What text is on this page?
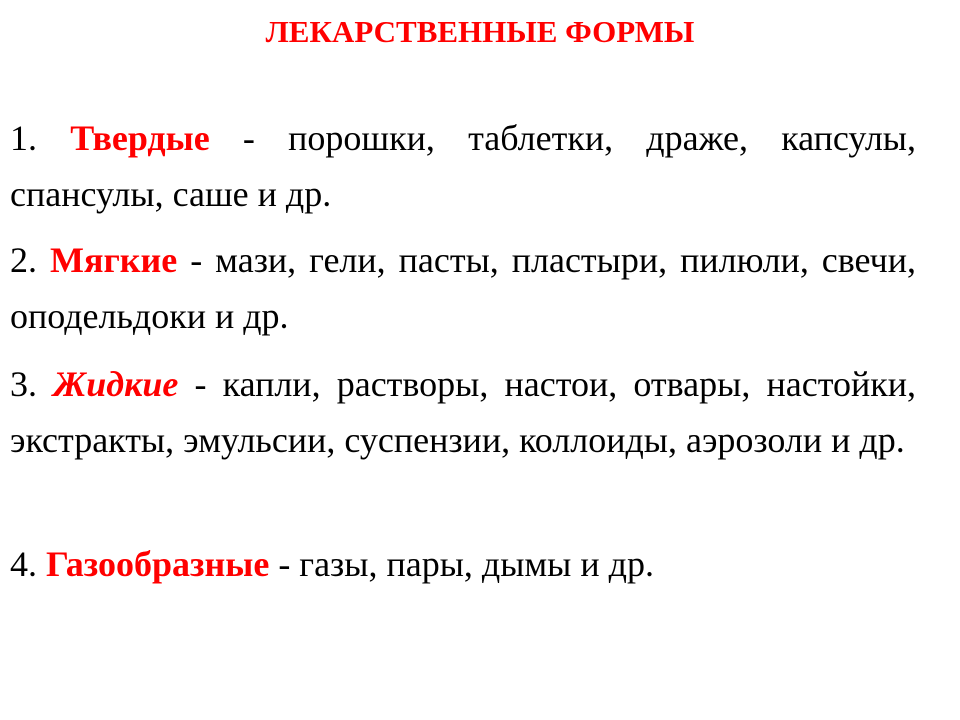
ЛЕКАРСТВЕННЫЕ ФОРМЫ

1. Твердые - порошки, таблетки, драже, капсулы, спансулы, саше и др.

2. Мягкие - мази, гели, пасты, пластыри, пилюли, свечи, оподельдоки и др.

3. Жидкие - капли, растворы, настои, отвары, настойки, экстракты, эмульсии, суспензии, коллоиды, аэрозоли и др.

4. Газообразные - газы, пары, дымы и др.
